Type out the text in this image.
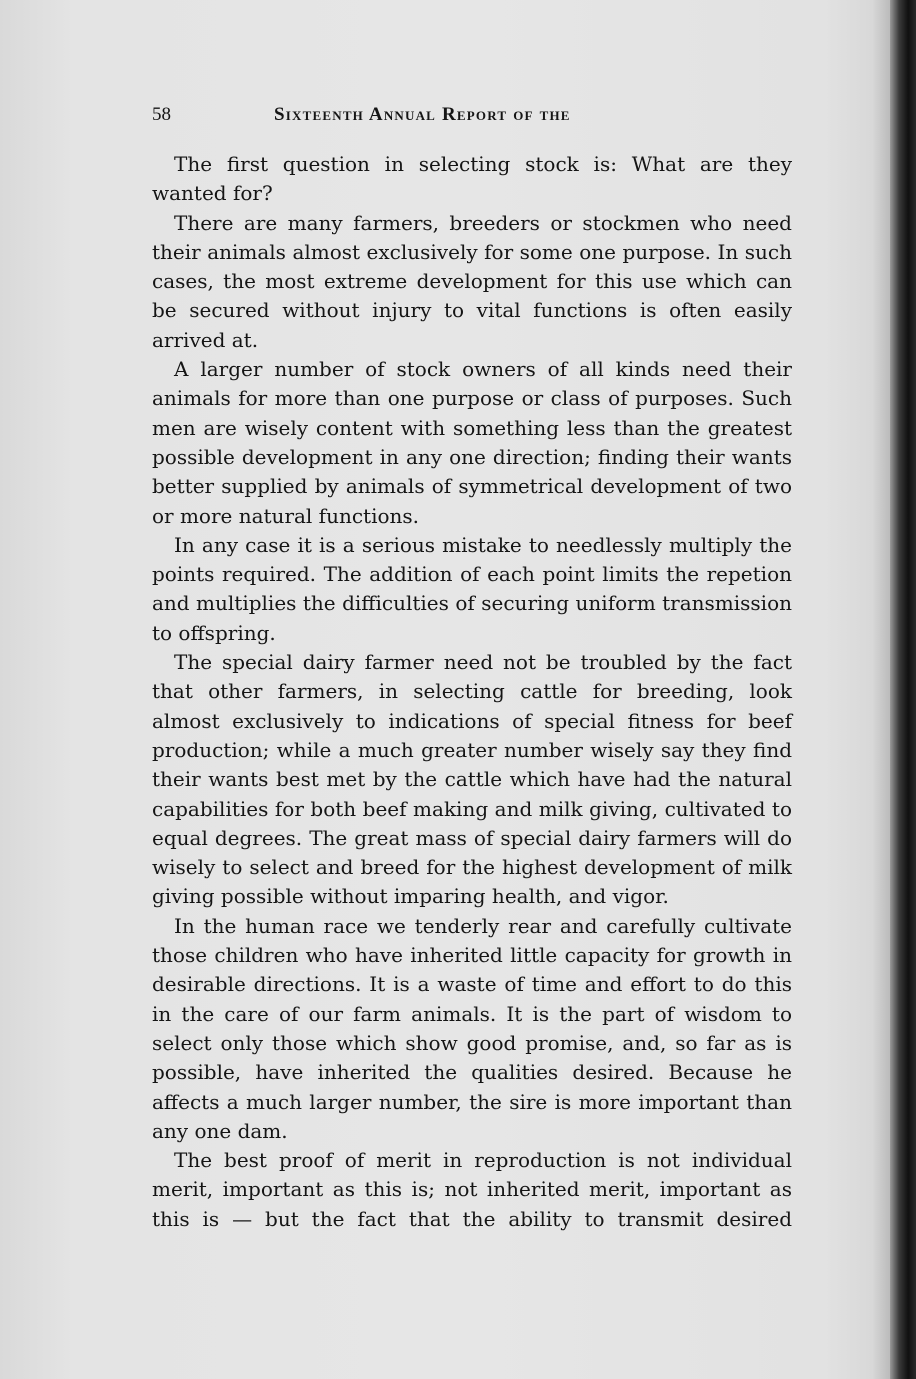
58	Sixteenth Annual Report of the

The first question in selecting stock is: What are they wanted for?

There are many farmers, breeders or stockmen who need their animals almost exclusively for some one purpose. In such cases, the most extreme development for this use which can be secured without injury to vital functions is often easily arrived at.

A larger number of stock owners of all kinds need their animals for more than one purpose or class of purposes. Such men are wisely content with something less than the greatest possible development in any one direction; finding their wants better supplied by animals of symmetrical development of two or more natural functions.

In any case it is a serious mistake to needlessly multiply the points required. The addition of each point limits the repetion and multiplies the difficulties of securing uniform transmission to offspring.

The special dairy farmer need not be troubled by the fact that other farmers, in selecting cattle for breeding, look almost exclusively to indications of special fitness for beef production; while a much greater number wisely say they find their wants best met by the cattle which have had the natural capabilities for both beef making and milk giving, cultivated to equal degrees. The great mass of special dairy farmers will do wisely to select and breed for the highest development of milk giving possible without imparing health, and vigor.

In the human race we tenderly rear and carefully cultivate those children who have inherited little capacity for growth in desirable directions. It is a waste of time and effort to do this in the care of our farm animals. It is the part of wisdom to select only those which show good promise, and, so far as is possible, have inherited the qualities desired. Because he affects a much larger number, the sire is more important than any one dam.

The best proof of merit in reproduction is not individual merit, important as this is; not inherited merit, important as this is — but the fact that the ability to transmit desired
